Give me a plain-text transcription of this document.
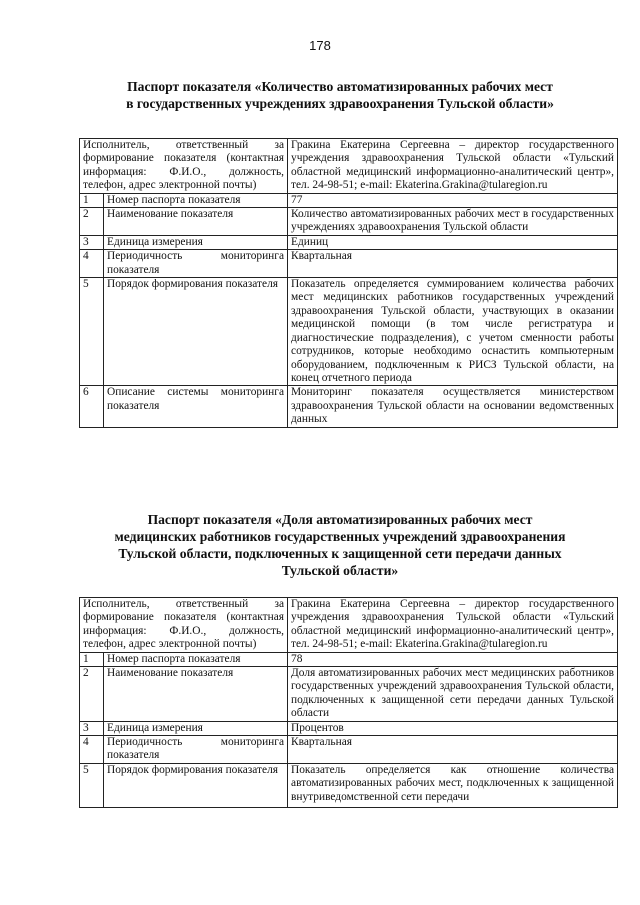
178
Паспорт показателя «Количество автоматизированных рабочих мест
в государственных учреждениях здравоохранения Тульской области»
Исполнитель, ответственный за формирование показателя (контактная информация: Ф.И.О., должность, телефон, адрес электронной почты)		Гракина Екатерина Сергеевна – директор государственного учреждения здравоохранения Тульской области «Тульский областной медицинский информационно-аналитический центр», тел. 24-98-51; e-mail: Ekaterina.Grakina@tularegion.ru
1	Номер паспорта показателя	77
2	Наименование показателя	Количество автоматизированных рабочих мест в государственных учреждениях здравоохранения Тульской области
3	Единица измерения	Единиц
4	Периодичность мониторинга показателя	Квартальная
5	Порядок формирования показателя	Показатель определяется суммированием количества рабочих мест медицинских работников государственных учреждений здравоохранения Тульской области, участвующих в оказании медицинской помощи (в том числе регистратура и диагностические подразделения), с учетом сменности работы сотрудников, которые необходимо оснастить компьютерным оборудованием, подключенным к РИСЗ Тульской области, на конец отчетного периода
6	Описание системы мониторинга показателя	Мониторинг показателя осуществляется министерством здравоохранения Тульской области на основании ведомственных данных
Паспорт показателя «Доля автоматизированных рабочих мест
медицинских работников государственных учреждений здравоохранения
Тульской области, подключенных к защищенной сети передачи данных
Тульской области»
Исполнитель, ответственный за формирование показателя (контактная информация: Ф.И.О., должность, телефон, адрес электронной почты)		Гракина Екатерина Сергеевна – директор государственного учреждения здравоохранения Тульской области «Тульский областной медицинский информационно-аналитический центр», тел. 24-98-51; e-mail: Ekaterina.Grakina@tularegion.ru
1	Номер паспорта показателя	78
2	Наименование показателя	Доля автоматизированных рабочих мест медицинских работников государственных учреждений здравоохранения Тульской области, подключенных к защищенной сети передачи данных Тульской области
3	Единица измерения	Процентов
4	Периодичность мониторинга показателя	Квартальная
5	Порядок формирования показателя	Показатель определяется как отношение количества автоматизированных рабочих мест, подключенных к защищенной внутриведомственной сети передачи
